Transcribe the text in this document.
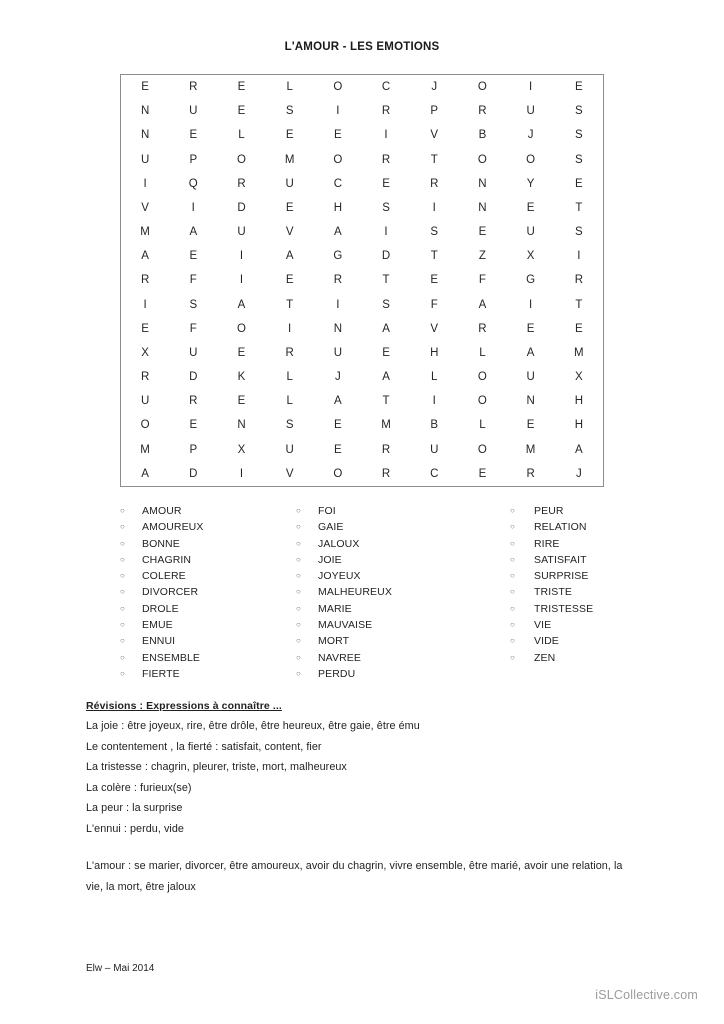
L'AMOUR - LES EMOTIONS
E	R	E	L	O	C	J	O	I	E
N	U	E	S	I	R	P	R	U	S
N	E	L	E	E	I	V	B	J	S
U	P	O	M	O	R	T	O	O	S
I	Q	R	U	C	E	R	N	Y	E
V	I	D	E	H	S	I	N	E	T
M	A	U	V	A	I	S	E	U	S
A	E	I	A	G	D	T	Z	X	I
R	F	I	E	R	T	E	F	G	R
I	S	A	T	I	S	F	A	I	T
E	F	O	I	N	A	V	R	E	E
X	U	E	R	U	E	H	L	A	M
R	D	K	L	J	A	L	O	U	X
U	R	E	L	A	T	I	O	N	H
O	E	N	S	E	M	B	L	E	H
M	P	X	U	E	R	U	O	M	A
A	D	I	V	O	R	C	E	R	J
○	AMOUR
○	AMOUREUX
○	BONNE
○	CHAGRIN
○	COLERE
○	DIVORCER
○	DROLE
○	EMUE
○	ENNUI
○	ENSEMBLE
○	FIERTE
○	FOI
○	GAIE
○	JALOUX
○	JOIE
○	JOYEUX
○	MALHEUREUX
○	MARIE
○	MAUVAISE
○	MORT
○	NAVREE
○	PERDU
○	PEUR
○	RELATION
○	RIRE
○	SATISFAIT
○	SURPRISE
○	TRISTE
○	TRISTESSE
○	VIE
○	VIDE
○	ZEN
Révisions : Expressions à connaître ...
La joie : être joyeux, rire, être drôle, être heureux, être gaie, être ému
Le contentement , la fierté : satisfait, content, fier
La tristesse : chagrin, pleurer, triste, mort, malheureux
La colère : furieux(se)
La peur : la surprise
L'ennui : perdu, vide
L'amour : se marier, divorcer, être amoureux, avoir du chagrin, vivre ensemble, être marié, avoir une relation, la vie, la mort, être jaloux
Elw – Mai 2014
iSLCollective.com
